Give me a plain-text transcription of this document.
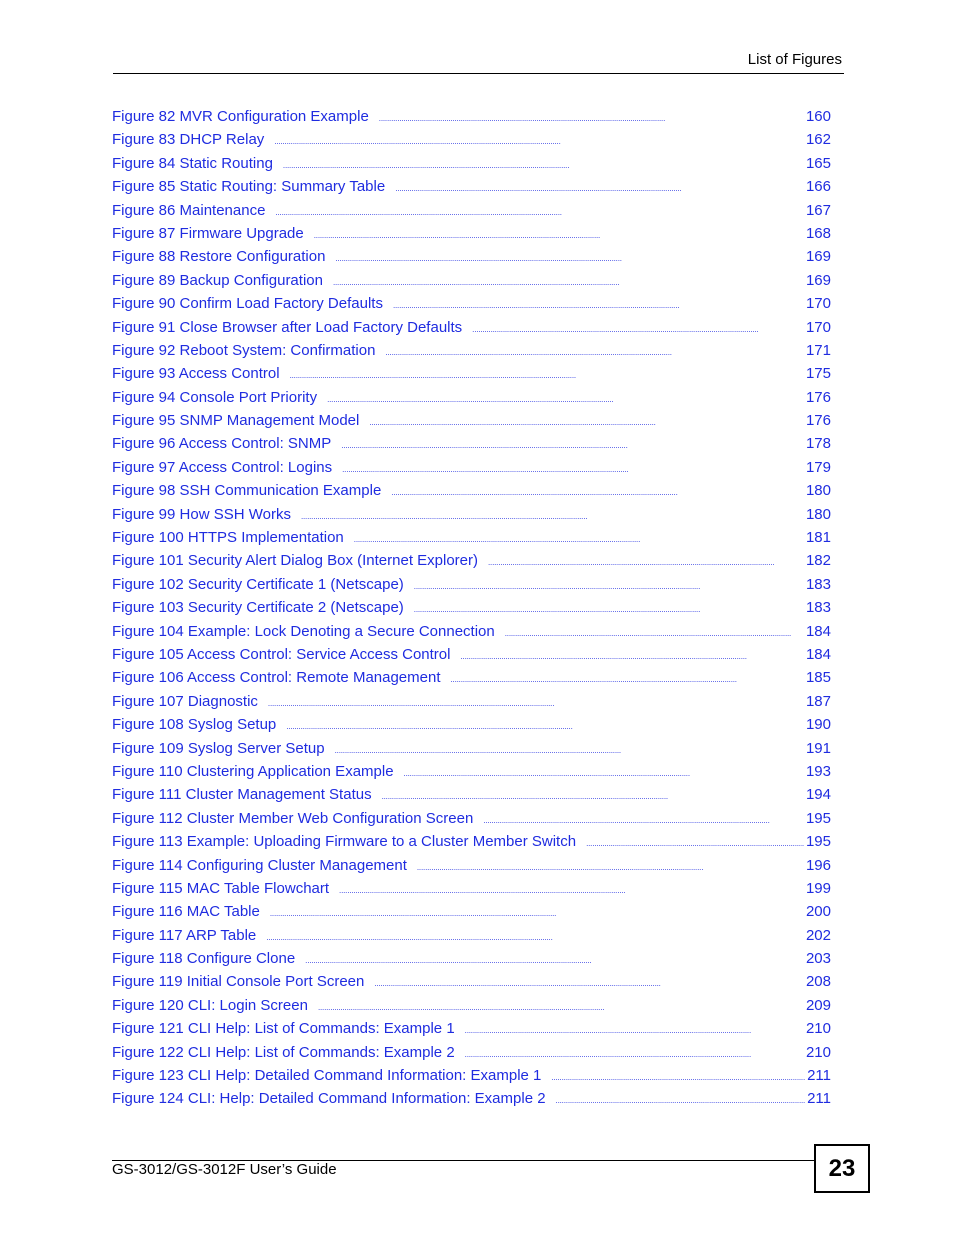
List of Figures
Figure 82 MVR Configuration Example . . .	160
Figure 83 DHCP Relay . . .	162
Figure 84 Static Routing . . .	165
Figure 85 Static Routing: Summary Table . . .	166
Figure 86 Maintenance . . .	167
Figure 87 Firmware Upgrade . . .	168
Figure 88 Restore Configuration . . .	169
Figure 89 Backup Configuration . . .	169
Figure 90 Confirm Load Factory Defaults . . .	170
Figure 91 Close Browser after Load Factory Defaults . . .	170
Figure 92 Reboot System: Confirmation . . .	171
Figure 93 Access Control . . .	175
Figure 94 Console Port Priority . . .	176
Figure 95 SNMP Management Model . . .	176
Figure 96 Access Control: SNMP . . .	178
Figure 97 Access Control: Logins . . .	179
Figure 98 SSH Communication Example . . .	180
Figure 99 How SSH Works . . .	180
Figure 100 HTTPS Implementation . . .	181
Figure 101 Security Alert Dialog Box (Internet Explorer) . . .	182
Figure 102 Security Certificate 1 (Netscape) . . .	183
Figure 103 Security Certificate 2 (Netscape) . . .	183
Figure 104 Example: Lock Denoting a Secure Connection . . .	184
Figure 105 Access Control: Service Access Control . . .	184
Figure 106 Access Control: Remote Management . . .	185
Figure 107 Diagnostic . . .	187
Figure 108 Syslog Setup . . .	190
Figure 109 Syslog Server Setup . . .	191
Figure 110 Clustering Application Example . . .	193
Figure 111 Cluster Management Status . . .	194
Figure 112 Cluster Member Web Configuration Screen . . .	195
Figure 113 Example: Uploading Firmware to a Cluster Member Switch . . .	195
Figure 114 Configuring Cluster Management . . .	196
Figure 115 MAC Table Flowchart . . .	199
Figure 116 MAC Table . . .	200
Figure 117 ARP Table . . .	202
Figure 118 Configure Clone . . .	203
Figure 119 Initial Console Port Screen . . .	208
Figure 120 CLI: Login Screen . . .	209
Figure 121 CLI Help: List of Commands: Example 1 . . .	210
Figure 122 CLI Help: List of Commands: Example 2 . . .	210
Figure 123 CLI Help: Detailed Command Information: Example 1 . . .	211
Figure 124 CLI: Help: Detailed Command Information: Example 2 . . .	211
GS-3012/GS-3012F User’s Guide	23
